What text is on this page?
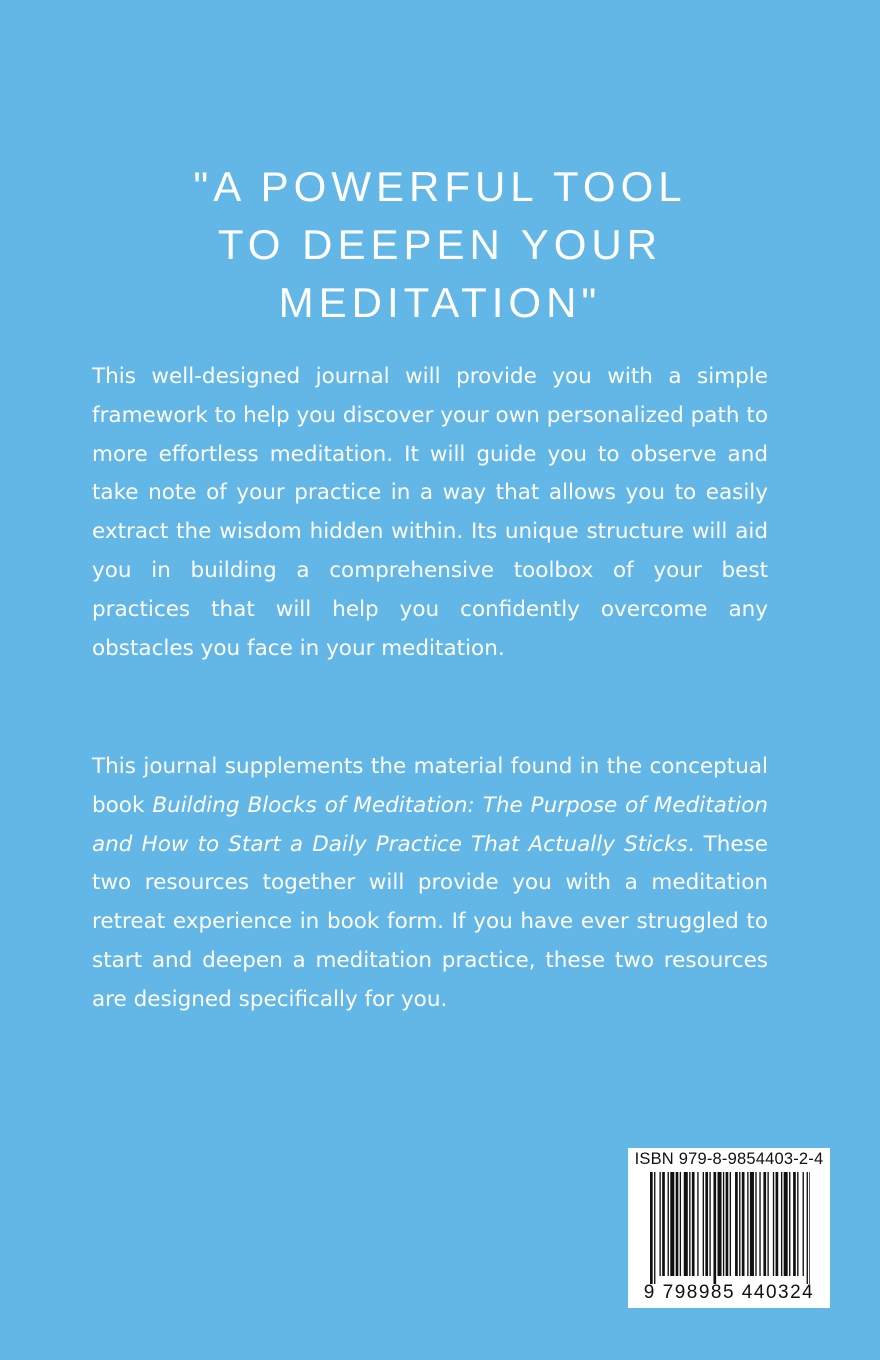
"A POWERFUL TOOL
TO DEEPEN YOUR
MEDITATION"

This well-designed journal will provide you with a simple framework to help you discover your own personalized path to more effortless meditation. It will guide you to observe and take note of your practice in a way that allows you to easily extract the wisdom hidden within. Its unique structure will aid you in building a comprehensive toolbox of your best practices that will help you confidently overcome any obstacles you face in your meditation.

This journal supplements the material found in the conceptual book Building Blocks of Meditation: The Purpose of Meditation and How to Start a Daily Practice That Actually Sticks. These two resources together will provide you with a meditation retreat experience in book form. If you have ever struggled to start and deepen a meditation practice, these two resources are designed specifically for you.

ISBN 979-8-9854403-2-4
9 798985 440324
